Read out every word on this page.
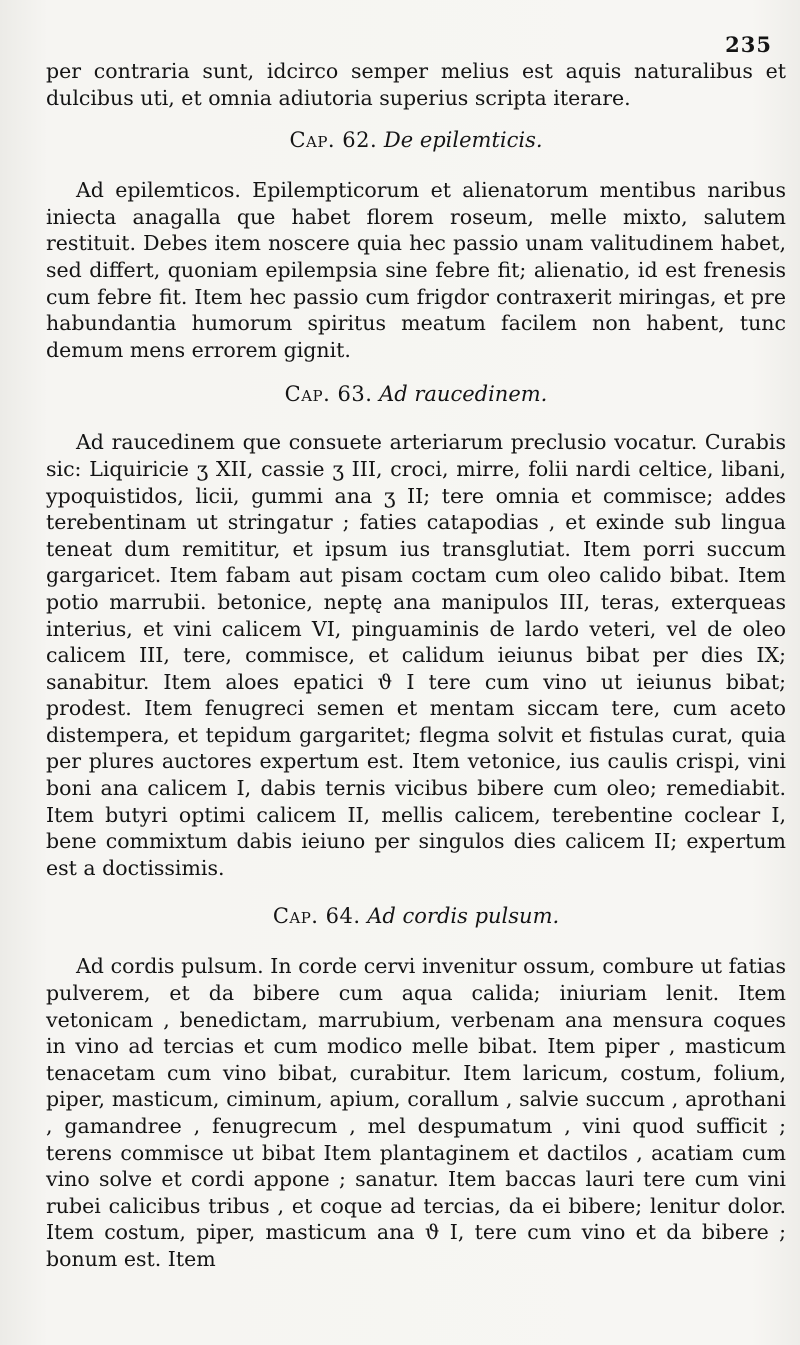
235

per contraria sunt, idcirco semper melius est aquis naturalibus et dulcibus uti, et omnia adiutoria superius scripta iterare.

Cap. 62. De epilemticis.

Ad epilemticos. Epilempticorum et alienatorum mentibus naribus iniecta anagalla que habet florem roseum, melle mixto, salutem restituit. Debes item noscere quia hec passio unam valitudinem habet, sed differt, quoniam epilempsia sine febre fit; alienatio, id est frenesis cum febre fit. Item hec passio cum frigdor contraxerit miringas, et pre habundantia humorum spiritus meatum facilem non habent, tunc demum mens errorem gignit.

Cap. 63. Ad raucedinem.

Ad raucedinem que consuete arteriarum preclusio vocatur. Curabis sic: Liquiricie ʒ XII, cassie ʒ III, croci, mirre, folii nardi celtice, libani, ypoquistidos, licii, gummi ana ʒ II; tere omnia et commisce; addes terebentinam ut stringatur ; faties catapodias , et exinde sub lingua teneat dum remititur, et ipsum ius transglutiat. Item porri succum gargaricet. Item fabam aut pisam coctam cum oleo calido bibat. Item potio marrubii. betonice, neptę ana manipulos III, teras, exterqueas interius, et vini calicem VI, pinguaminis de lardo veteri, vel de oleo calicem III, tere, commisce, et calidum ieiunus bibat per dies IX; sanabitur. Item aloes epatici ϑ I tere cum vino ut ieiunus bibat; prodest. Item fenugreci semen et mentam siccam tere, cum aceto distempera, et tepidum gargaritet; flegma solvit et fistulas curat, quia per plures auctores expertum est. Item vetonice, ius caulis crispi, vini boni ana calicem I, dabis ternis vicibus bibere cum oleo; remediabit. Item butyri optimi calicem II, mellis calicem, terebentine coclear I, bene commixtum dabis ieiuno per singulos dies calicem II; expertum est a doctissimis.

Cap. 64. Ad cordis pulsum.

Ad cordis pulsum. In corde cervi invenitur ossum, combure ut fatias pulverem, et da bibere cum aqua calida; iniuriam lenit. Item vetonicam , benedictam, marrubium, verbenam ana mensura coques in vino ad tercias et cum modico melle bibat. Item piper , masticum tenacetam cum vino bibat, curabitur. Item laricum, costum, folium, piper, masticum, ciminum, apium, corallum , salvie succum , aprothani , gamandree , fenugrecum , mel despumatum , vini quod sufficit ; terens commisce ut bibat Item plantaginem et dactilos , acatiam cum vino solve et cordi appone ; sanatur. Item baccas lauri tere cum vini rubei calicibus tribus , et coque ad tercias, da ei bibere; lenitur dolor. Item costum, piper, masticum ana ϑ I, tere cum vino et da bibere ; bonum est. Item
